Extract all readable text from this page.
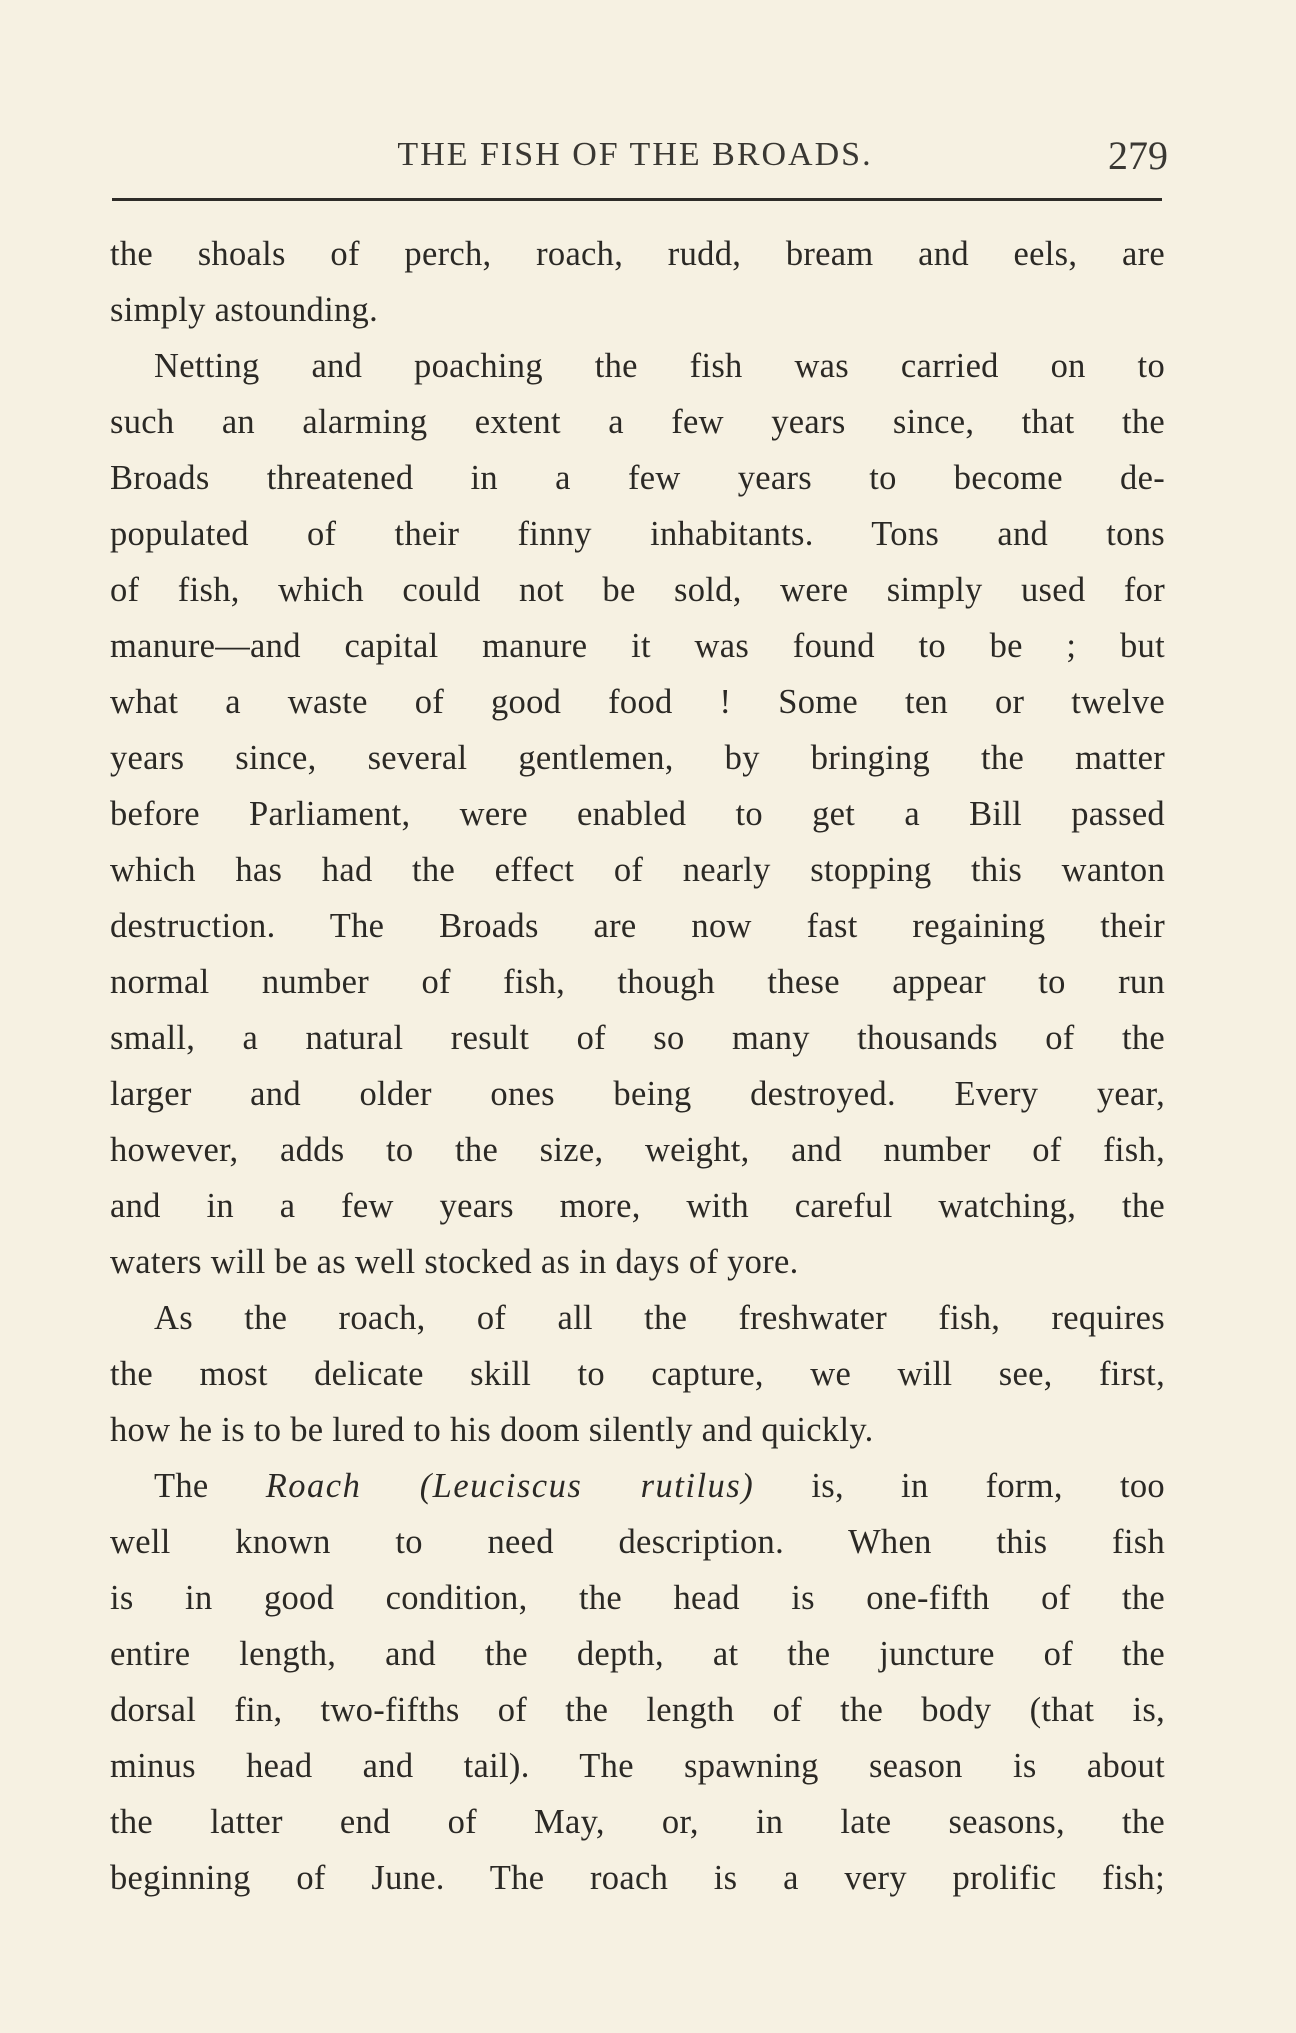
THE FISH OF THE BROADS.	279
the shoals of perch, roach, rudd, bream and eels, are
simply astounding.
Netting and poaching the fish was carried on to
such an alarming extent a few years since, that the
Broads threatened in a few years to become de-
populated of their finny inhabitants. Tons and tons
of fish, which could not be sold, were simply used for
manure—and capital manure it was found to be ; but
what a waste of good food ! Some ten or twelve
years since, several gentlemen, by bringing the matter
before Parliament, were enabled to get a Bill passed
which has had the effect of nearly stopping this wanton
destruction. The Broads are now fast regaining their
normal number of fish, though these appear to run
small, a natural result of so many thousands of the
larger and older ones being destroyed. Every year,
however, adds to the size, weight, and number of fish,
and in a few years more, with careful watching, the
waters will be as well stocked as in days of yore.
As the roach, of all the freshwater fish, requires
the most delicate skill to capture, we will see, first,
how he is to be lured to his doom silently and quickly.
The Roach (Leuciscus rutilus) is, in form, too
well known to need description. When this fish
is in good condition, the head is one-fifth of the
entire length, and the depth, at the juncture of the
dorsal fin, two-fifths of the length of the body (that is,
minus head and tail). The spawning season is about
the latter end of May, or, in late seasons, the
beginning of June. The roach is a very prolific fish;
